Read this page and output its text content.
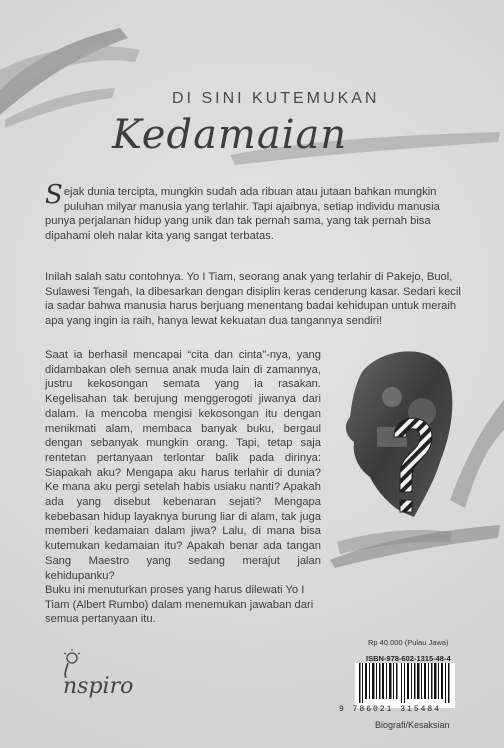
DI SINI KUTEMUKAN
Kedamaian
Sejak dunia tercipta, mungkin sudah ada ribuan atau jutaan bahkan mungkin puluhan milyar manusia yang terlahir. Tapi ajaibnya, setiap individu manusia punya perjalanan hidup yang unik dan tak pernah sama, yang tak pernah bisa dipahami oleh nalar kita yang sangat terbatas.
Inilah salah satu contohnya. Yo I Tiam, seorang anak yang terlahir di Pakejo, Buol, Sulawesi Tengah, Ia dibesarkan dengan disiplin keras cenderung kasar. Sedari kecil ia sadar bahwa manusia harus berjuang menentang badai kehidupan untuk meraih apa yang ingin ia raih, hanya lewat kekuatan dua tangannya sendiri!
Saat ia berhasil mencapai “cita dan cinta”-nya, yang didambakan oleh semua anak muda lain di zamannya, justru kekosongan semata yang ia rasakan. Kegelisahan tak berujung menggerogoti jiwanya dari dalam. Ia mencoba mengisi kekosongan itu dengan menikmati alam, membaca banyak buku, bergaul dengan sebanyak mungkin orang. Tapi, tetap saja rentetan pertanyaan terlontar balik pada dirinya: Siapakah aku? Mengapa aku harus terlahir di dunia? Ke mana aku pergi setelah habis usiaku nanti? Apakah ada yang disebut kebenaran sejati? Mengapa kebebasan hidup layaknya burung liar di alam, tak juga memberi kedamaian dalam jiwa? Lalu, di mana bisa kutemukan kedamaian itu? Apakah benar ada tangan Sang Maestro yang sedang merajut jalan kehidupanku?
Buku ini menuturkan proses yang harus dilewati Yo I Tiam (Albert Rumbo) dalam menemukan jawaban dari semua pertanyaan itu.
nspiro
Rp 40.000 (Pulau Jawa)
ISBN-978-602-1315-48-4
9 786021 315484
Biografi/Kesaksian
